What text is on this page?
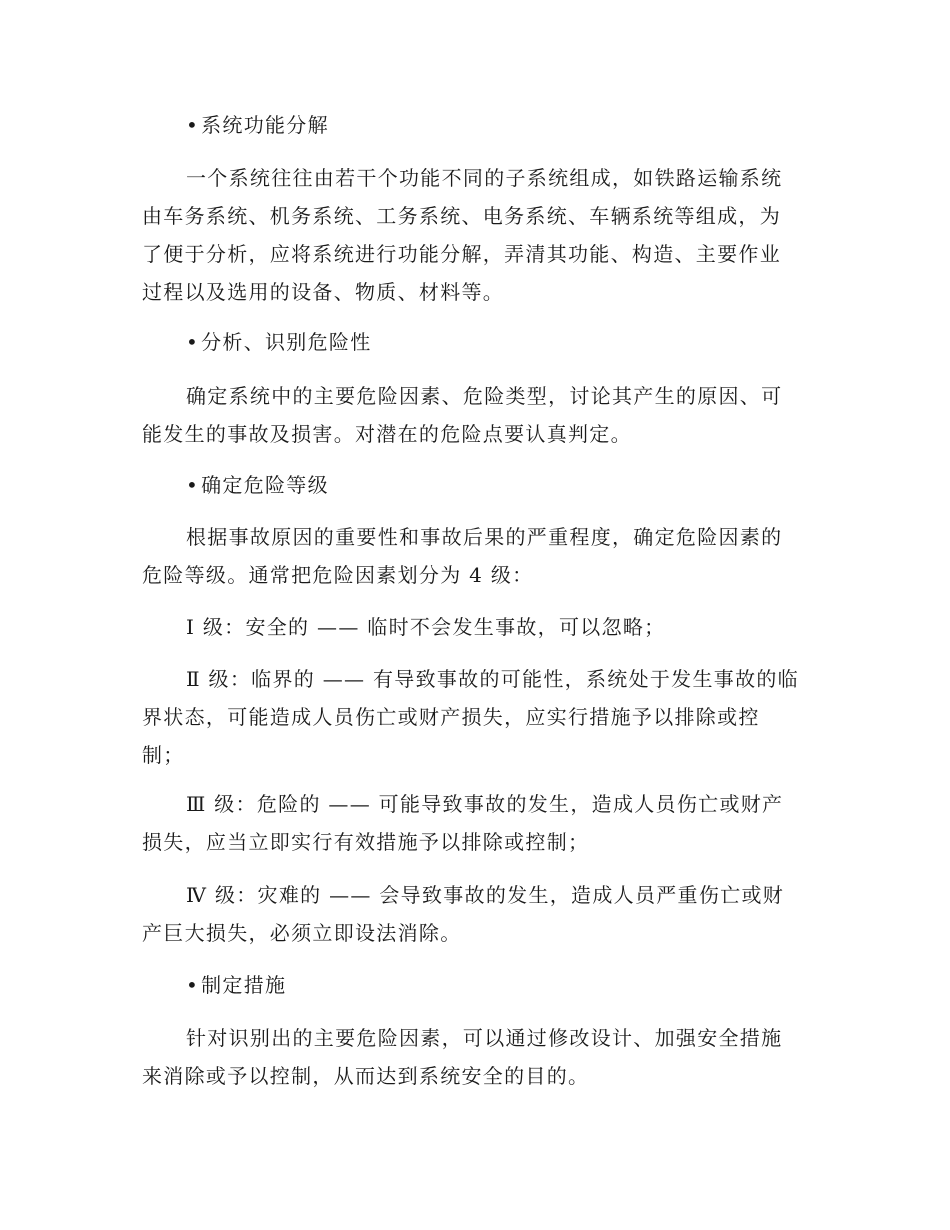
• 系统功能分解

一个系统往往由若干个功能不同的子系统组成，如铁路运输系统由车务系统、机务系统、工务系统、电务系统、车辆系统等组成，为了便于分析，应将系统进行功能分解，弄清其功能、构造、主要作业过程以及选用的设备、物质、材料等。

• 分析、识别危险性

确定系统中的主要危险因素、危险类型，讨论其产生的原因、可能发生的事故及损害。对潜在的危险点要认真判定。

• 确定危险等级

根据事故原因的重要性和事故后果的严重程度，确定危险因素的危险等级。通常把危险因素划分为 4 级：

Ⅰ 级：安全的 —— 临时不会发生事故，可以忽略；

Ⅱ 级：临界的 —— 有导致事故的可能性，系统处于发生事故的临界状态，可能造成人员伤亡或财产损失，应实行措施予以排除或控制；

Ⅲ 级：危险的 —— 可能导致事故的发生，造成人员伤亡或财产损失，应当立即实行有效措施予以排除或控制；

Ⅳ 级：灾难的 —— 会导致事故的发生，造成人员严重伤亡或财产巨大损失，必须立即设法消除。

• 制定措施

针对识别出的主要危险因素，可以通过修改设计、加强安全措施来消除或予以控制，从而达到系统安全的目的。
